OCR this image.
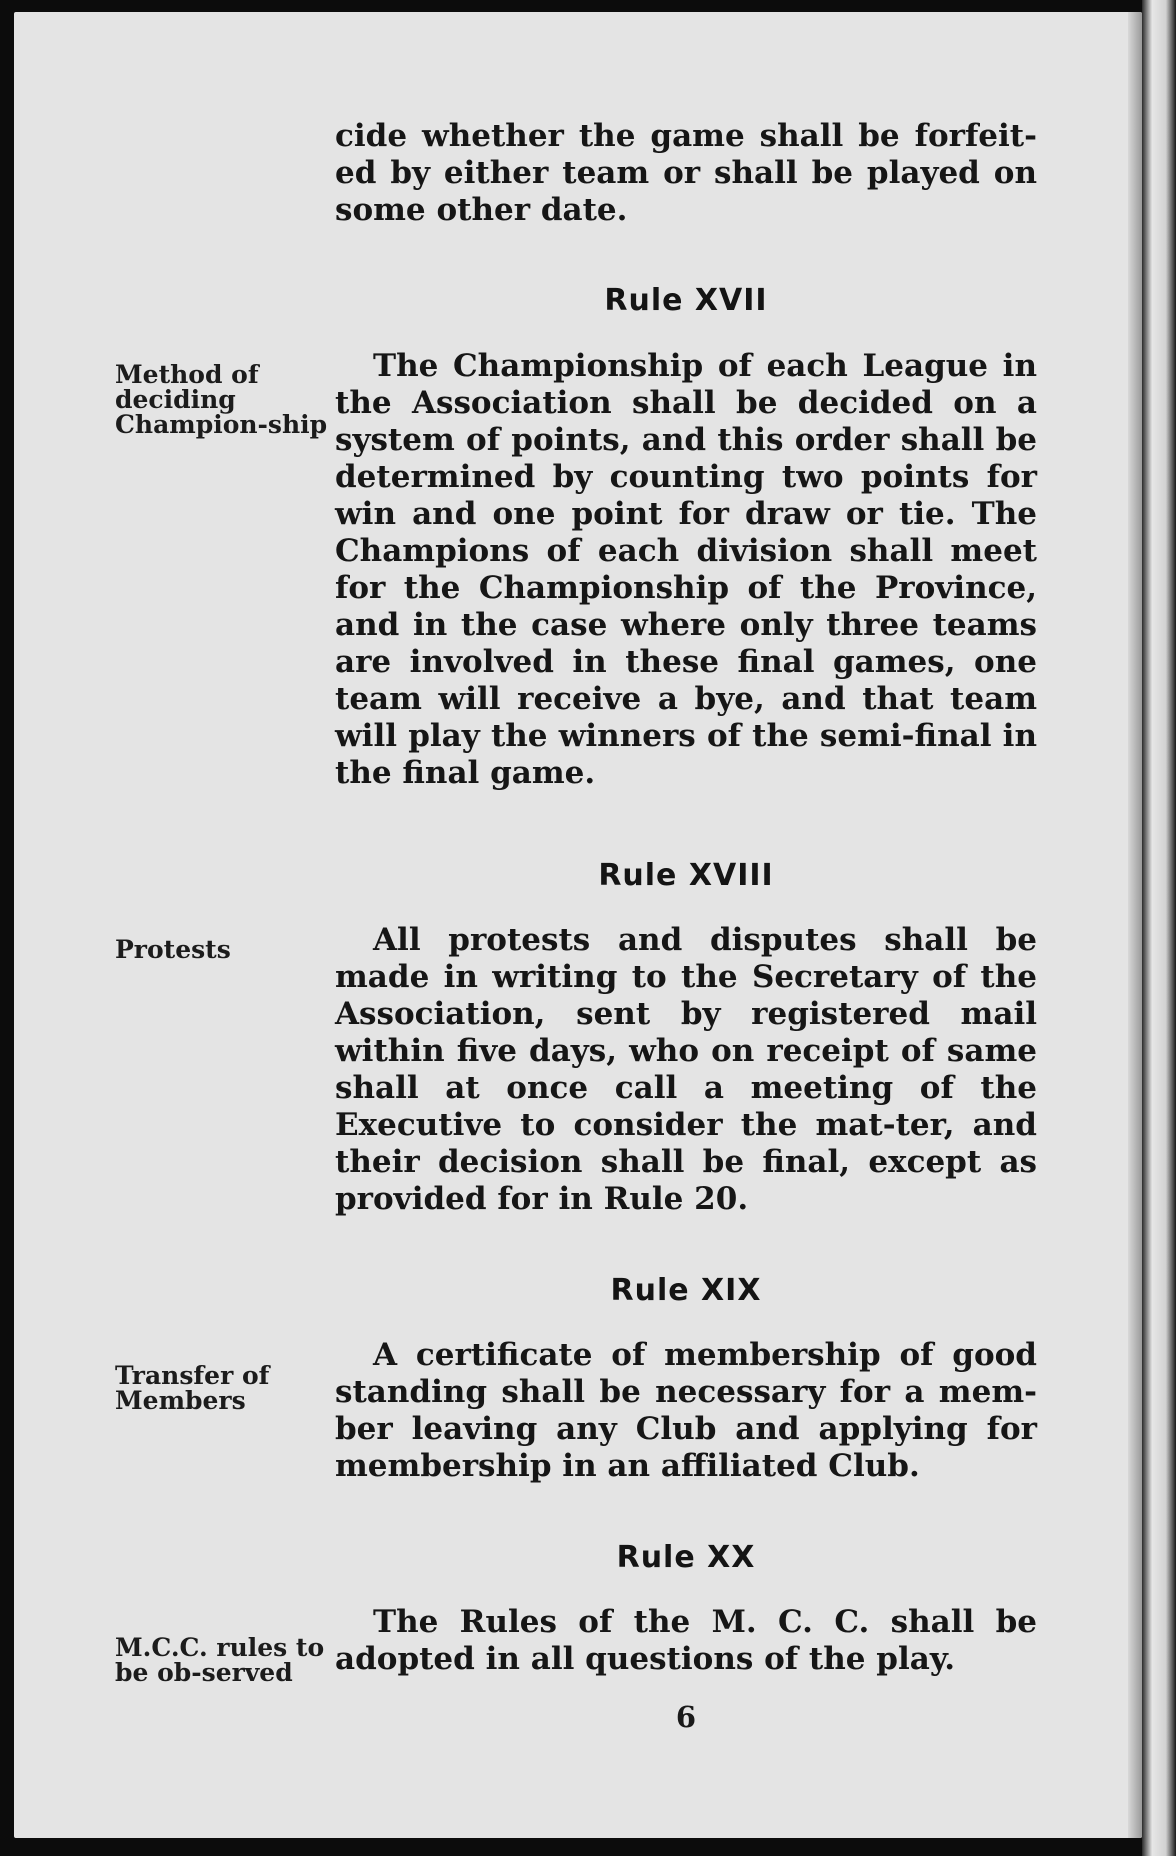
cide whether the game shall be forfeit-ed by either team or shall be played on some other date.

Rule XVII
Method of deciding Champion-ship

The Championship of each League in the Association shall be decided on a system of points, and this order shall be determined by counting two points for win and one point for draw or tie. The Champions of each division shall meet for the Championship of the Province, and in the case where only three teams are involved in these final games, one team will receive a bye, and that team will play the winners of the semi-final in the final game.

Rule XVIII
Protests	All protests and disputes shall be made in writing to the Secretary of the Association, sent by registered mail within five days, who on receipt of same shall at once call a meeting of the Executive to consider the mat-ter, and their decision shall be final, except as provided for in Rule 20.

Rule XIX
Transfer of Members

A certificate of membership of good standing shall be necessary for a mem-ber leaving any Club and applying for membership in an affiliated Club.

Rule XX
M.C.C. rules to be ob-served

The Rules of the M. C. C. shall be adopted in all questions of the play.

6
